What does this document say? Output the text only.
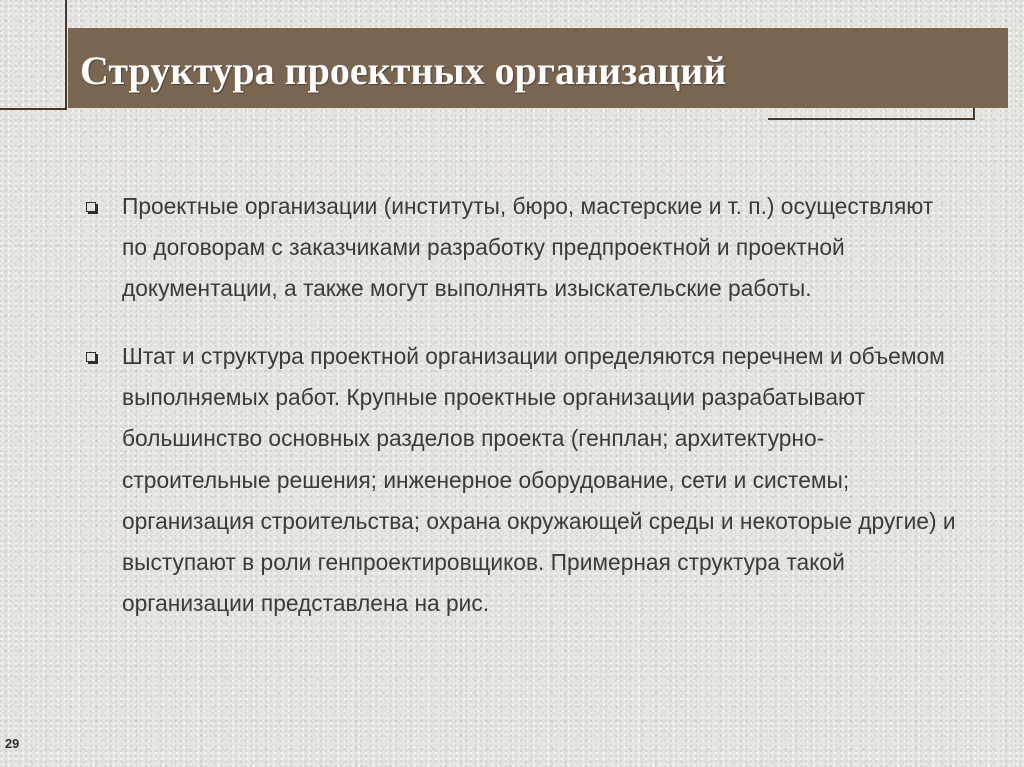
Структура проектных организаций
Проектные организации (институты, бюро, мастерские и т. п.) осуществляют
по договорам с заказчиками разработку предпроектной и проектной
документации, а также могут выполнять изыскательские работы.
Штат и структура проектной организации определяются перечнем и объемом
выполняемых работ. Крупные проектные организации разрабатывают
большинство основных разделов проекта (генплан; архитектурно-
строительные решения; инженерное оборудование, сети и системы;
организация строительства; охрана окружающей среды и некоторые другие) и
выступают в роли генпроектировщиков. Примерная структура такой
организации представлена на рис.
29
